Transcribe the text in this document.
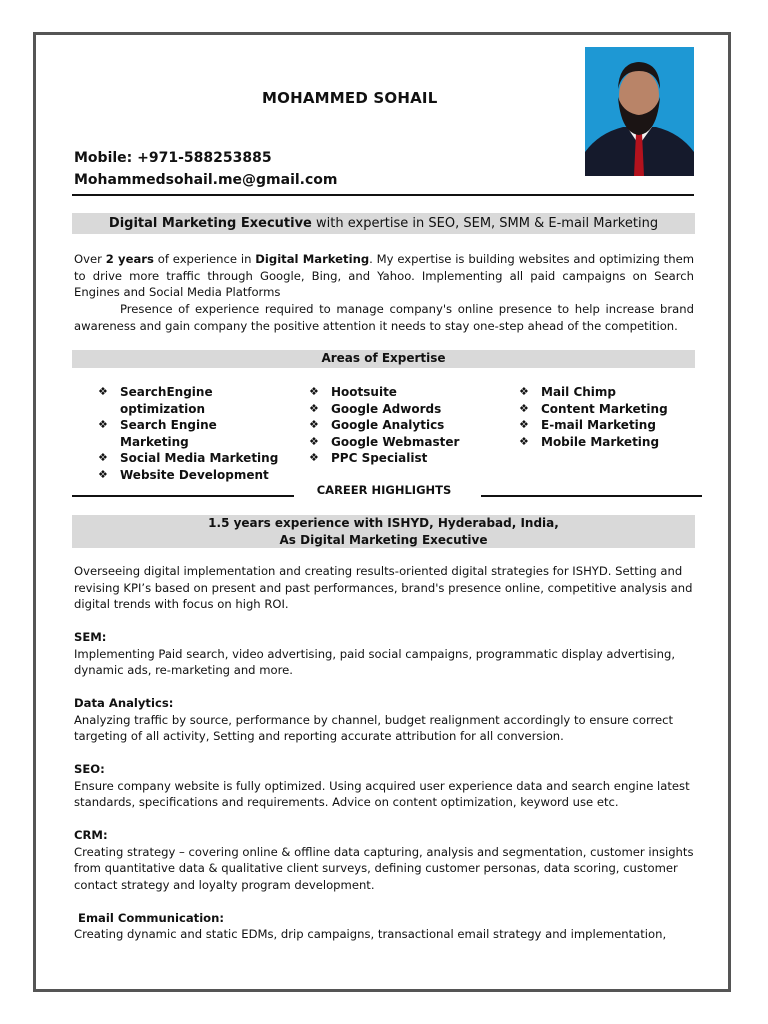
MOHAMMED SOHAIL
Mobile: +971-588253885
Mohammedsohail.me@gmail.com
Digital Marketing Executive with expertise in SEO, SEM, SMM & E-mail Marketing
Over 2 years of experience in Digital Marketing. My expertise is building websites and optimizing them to drive more traffic through Google, Bing, and Yahoo. Implementing all paid campaigns on Search Engines and Social Media Platforms
Presence of experience required to manage company's online presence to help increase brand awareness and gain company the positive attention it needs to stay one-step ahead of the competition.
Areas of Expertise
❖	SearchEngine optimization
❖	Search Engine Marketing
❖	Social Media Marketing
❖	Website Development
❖	Hootsuite
❖	Google Adwords
❖	Google Analytics
❖	Google Webmaster
❖	PPC Specialist
❖	Mail Chimp
❖	Content Marketing
❖	E-mail Marketing
❖	Mobile Marketing
CAREER HIGHLIGHTS
1.5 years experience with ISHYD, Hyderabad, India,
As Digital Marketing Executive
Overseeing digital implementation and creating results-oriented digital strategies for ISHYD. Setting and revising KPI’s based on present and past performances, brand's presence online, competitive analysis and digital trends with focus on high ROI.
SEM:
Implementing Paid search, video advertising, paid social campaigns, programmatic display advertising, dynamic ads, re-marketing and more.
Data Analytics:
Analyzing traffic by source, performance by channel, budget realignment accordingly to ensure correct targeting of all activity, Setting and reporting accurate attribution for all conversion.
SEO:
Ensure company website is fully optimized. Using acquired user experience data and search engine latest standards, specifications and requirements. Advice on content optimization, keyword use etc.
CRM:
Creating strategy – covering online & offline data capturing, analysis and segmentation, customer insights from quantitative data & qualitative client surveys, defining customer personas, data scoring, customer contact strategy and loyalty program development.
Email Communication:
Creating dynamic and static EDMs, drip campaigns, transactional email strategy and implementation,
